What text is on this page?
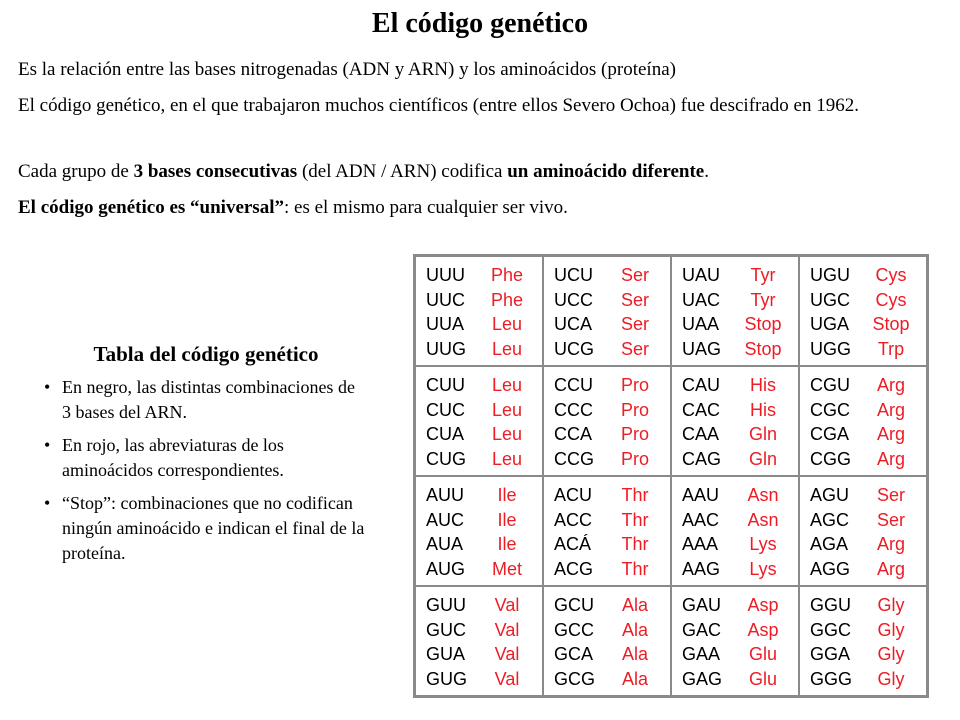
El código genético
Es la relación entre las bases nitrogenadas (ADN y ARN) y los aminoácidos (proteína)
El código genético, en el que trabajaron muchos científicos (entre ellos Severo Ochoa) fue descifrado en 1962.
Cada grupo de 3 bases consecutivas (del ADN / ARN) codifica un aminoácido diferente.
El código genético es “universal”: es el mismo para cualquier ser vivo.
Tabla del código genético
• En negro, las distintas combinaciones de 3 bases del ARN.
• En rojo, las abreviaturas de los aminoácidos correspondientes.
• “Stop”: combinaciones que no codifican ningún aminoácido e indican el final de la proteína.
UUU	Phe
UUC	Phe
UUA	Leu
UUG	Leu
UCU	Ser
UCC	Ser
UCA	Ser
UCG	Ser
UAU	Tyr
UAC	Tyr
UAA	Stop
UAG	Stop
UGU	Cys
UGC	Cys
UGA	Stop
UGG	Trp
CUU	Leu
CUC	Leu
CUA	Leu
CUG	Leu
CCU	Pro
CCC	Pro
CCA	Pro
CCG	Pro
CAU	His
CAC	His
CAA	Gln
CAG	Gln
CGU	Arg
CGC	Arg
CGA	Arg
CGG	Arg
AUU	Ile
AUC	Ile
AUA	Ile
AUG	Met
ACU	Thr
ACC	Thr
ACÁ	Thr
ACG	Thr
AAU	Asn
AAC	Asn
AAA	Lys
AAG	Lys
AGU	Ser
AGC	Ser
AGA	Arg
AGG	Arg
GUU	Val
GUC	Val
GUA	Val
GUG	Val
GCU	Ala
GCC	Ala
GCA	Ala
GCG	Ala
GAU	Asp
GAC	Asp
GAA	Glu
GAG	Glu
GGU	Gly
GGC	Gly
GGA	Gly
GGG	Gly
